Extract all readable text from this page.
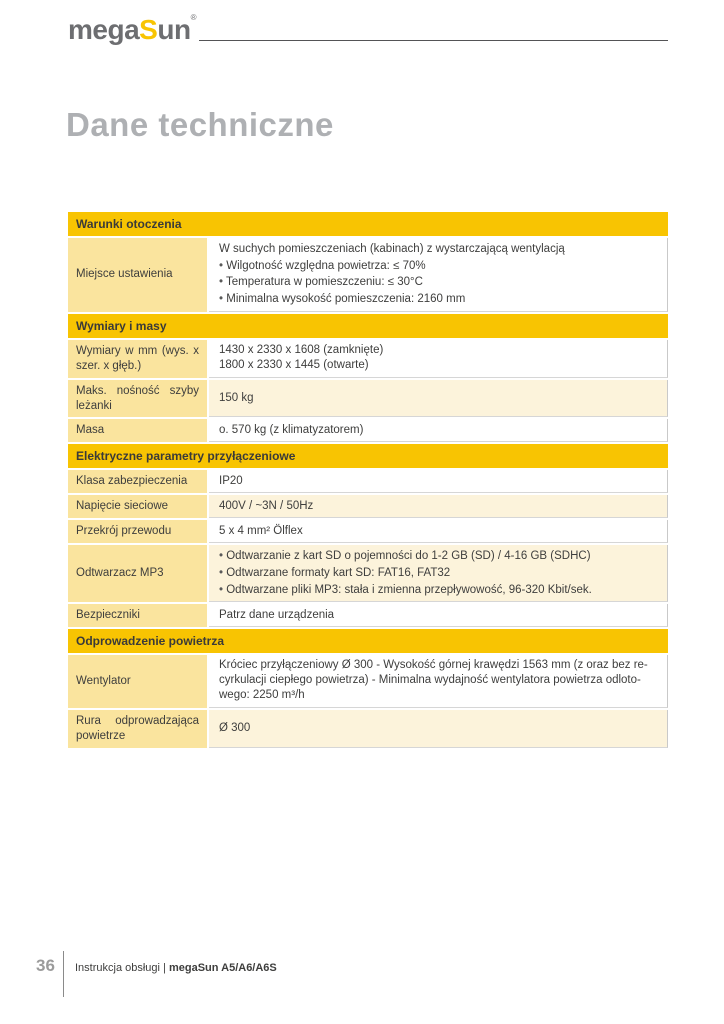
megaSun®
Dane techniczne
Warunki otoczenia	
Miejsce ustawienia	W suchych pomieszczeniach (kabinach) z wystarczającą wentylacją
• Wilgotność względna powietrza: ≤ 70%
• Temperatura w pomieszczeniu: ≤ 30°C
• Minimalna wysokość pomieszczenia: 2160 mm

Wymiary i masy	
Wymiary w mm (wys. x szer. x głęb.)	1430 x 2330 x 1608 (zamknięte)
1800 x 2330 x 1445 (otwarte)

Maks. nośność szyby leżanki	150 kg
Masa	o. 570 kg (z klimatyzatorem)
Elektryczne parametry przyłączeniowe	
Klasa zabezpieczenia	IP20
Napięcie sieciowe	400V / ~3N / 50Hz
Przekrój przewodu	5 x 4 mm² Ölflex
Odtwarzacz MP3	• Odtwarzanie z kart SD o pojemności do 1-2 GB (SD) / 4-16 GB (SDHC)
• Odtwarzane formaty kart SD: FAT16, FAT32
• Odtwarzane pliki MP3: stała i zmienna przepływowość, 96-320 Kbit/sek.

Bezpieczniki	Patrz dane urządzenia
Odprowadzenie powietrza	
Wentylator	Króciec przyłączeniowy Ø 300 - Wysokość górnej krawędzi 1563 mm (z oraz bez re-
cyrkulacji ciepłego powietrza) - Minimalna wydajność wentylatora powietrza odloto-
wego: 2250 m³/h

Rura odprowadzająca powietrze	Ø 300
36 Instrukcja obsługi | megaSun A5/A6/A6S
